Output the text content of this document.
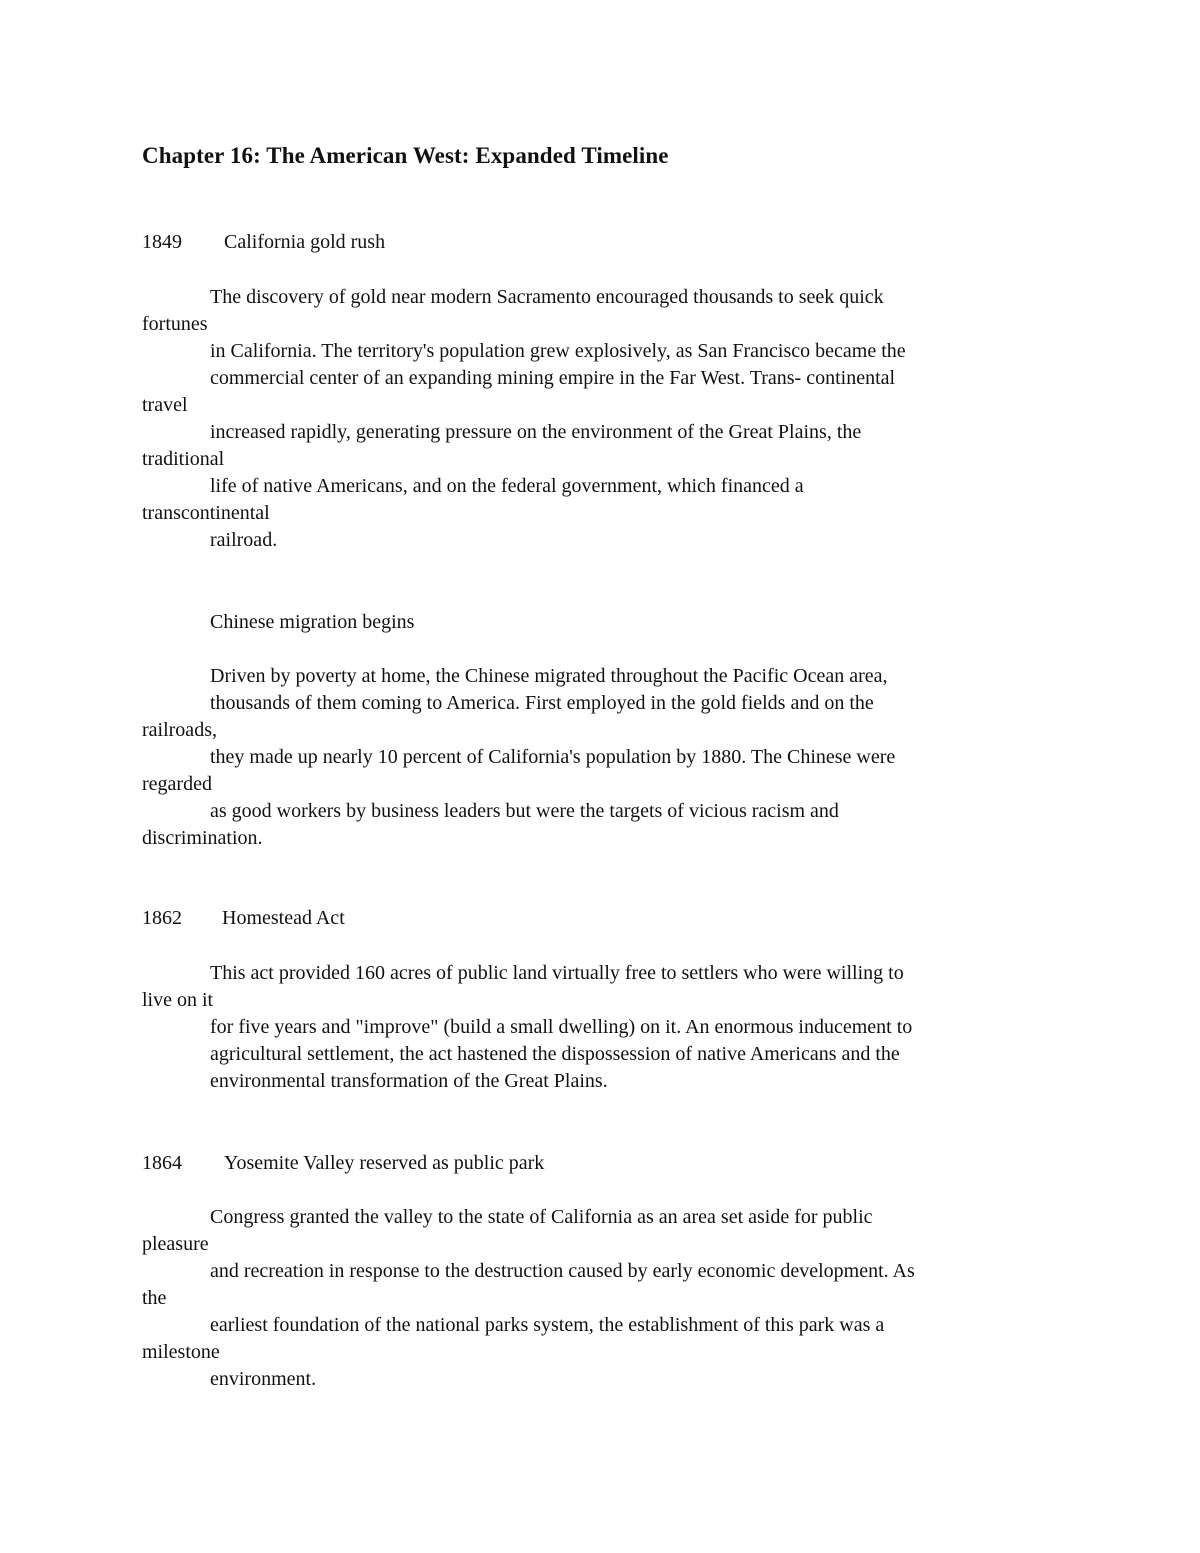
Chapter 16: The American West: Expanded Timeline
1849 California gold rush
The discovery of gold near modern Sacramento encouraged thousands to seek quick
fortunes
in California. The territory's population grew explosively, as San Francisco became the
commercial center of an expanding mining empire in the Far West. Trans- continental
travel
increased rapidly, generating pressure on the environment of the Great Plains, the
traditional
life of native Americans, and on the federal government, which financed a
transcontinental
railroad.
Chinese migration begins
Driven by poverty at home, the Chinese migrated throughout the Pacific Ocean area,
thousands of them coming to America. First employed in the gold fields and on the
railroads,
they made up nearly 10 percent of California's population by 1880. The Chinese were
regarded
as good workers by business leaders but were the targets of vicious racism and
discrimination.
1862 Homestead Act
This act provided 160 acres of public land virtually free to settlers who were willing to
live on it
for five years and "improve" (build a small dwelling) on it. An enormous inducement to
agricultural settlement, the act hastened the dispossession of native Americans and the
environmental transformation of the Great Plains.
1864 Yosemite Valley reserved as public park
Congress granted the valley to the state of California as an area set aside for public
pleasure
and recreation in response to the destruction caused by early economic development. As
the
earliest foundation of the national parks system, the establishment of this park was a
milestone
environment.
